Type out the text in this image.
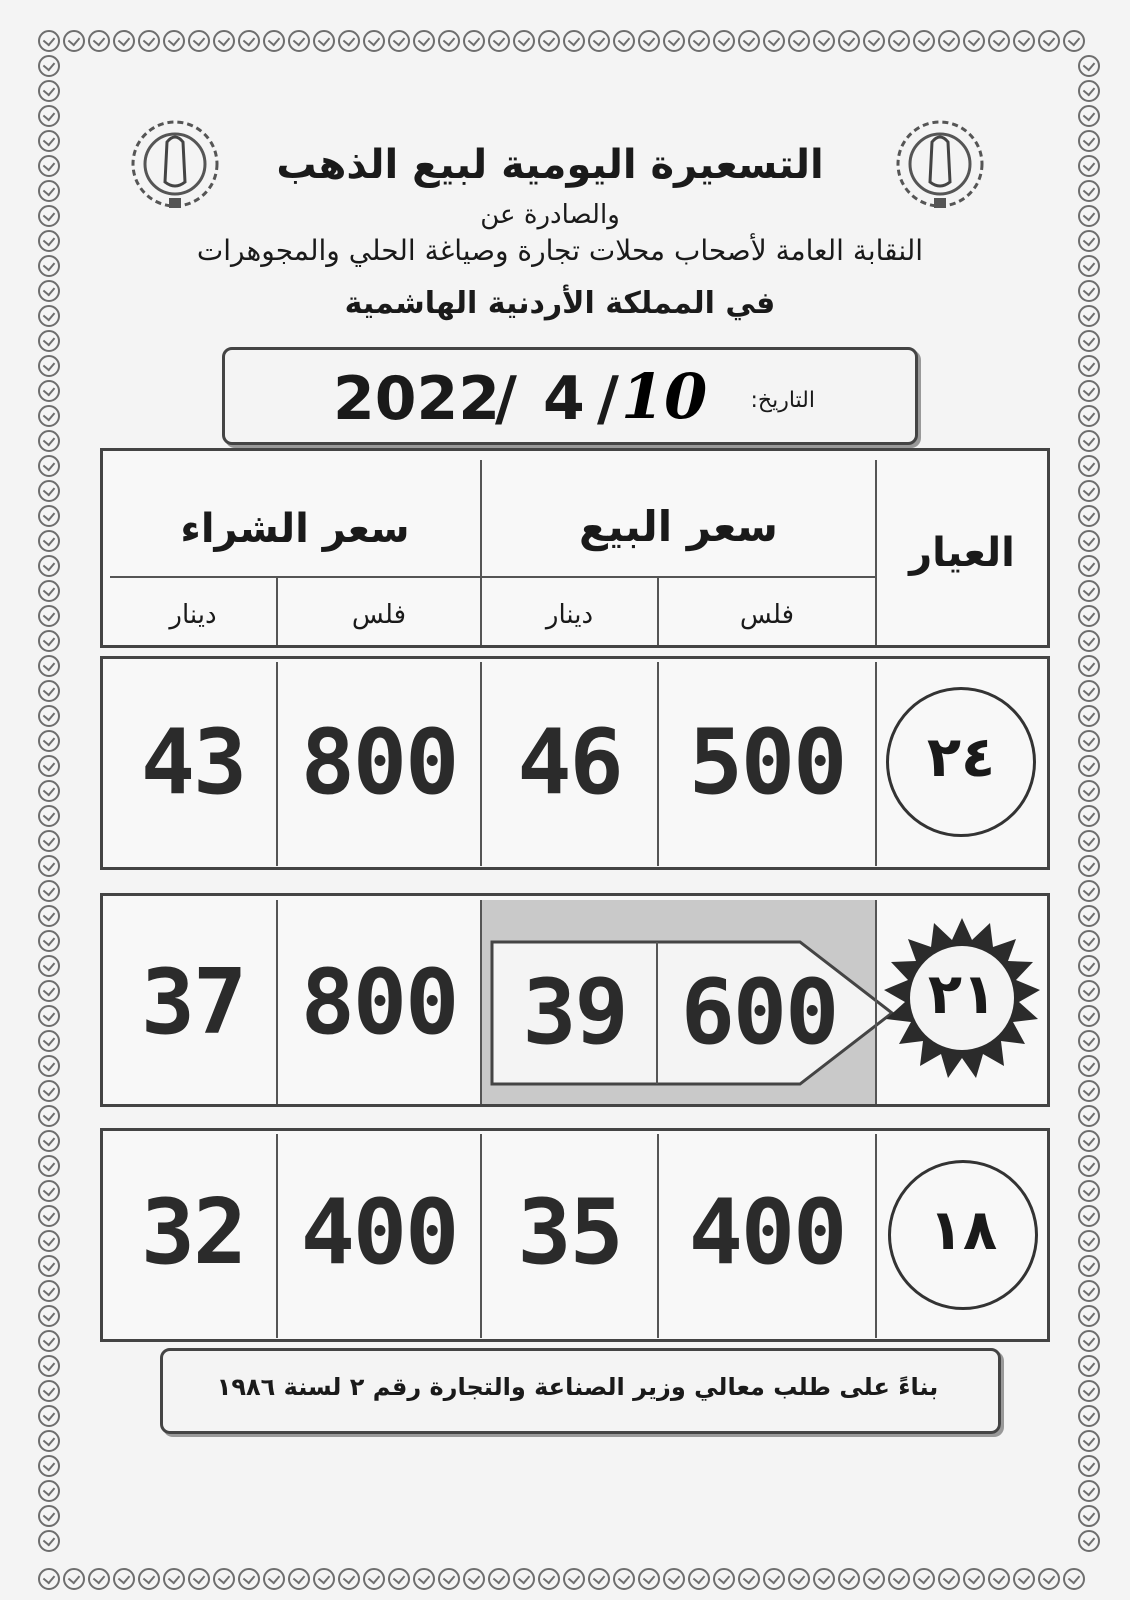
التسعيرة اليومية لبيع الذهب
والصادرة عن
النقابة العامة لأصحاب محلات تجارة وصياغة الحلي والمجوهرات
في المملكة الأردنية الهاشمية
2022
/ 4 / 10 التاريخ:
العيار
سعر البيع
سعر الشراء
فلس
دينار
فلس
دينار
٢٤
500
46
800
43
٢١
600
39
800
37
١٨
400
35
400
32
بناءً على طلب معالي وزير الصناعة والتجارة رقم ٢ لسنة ١٩٨٦
